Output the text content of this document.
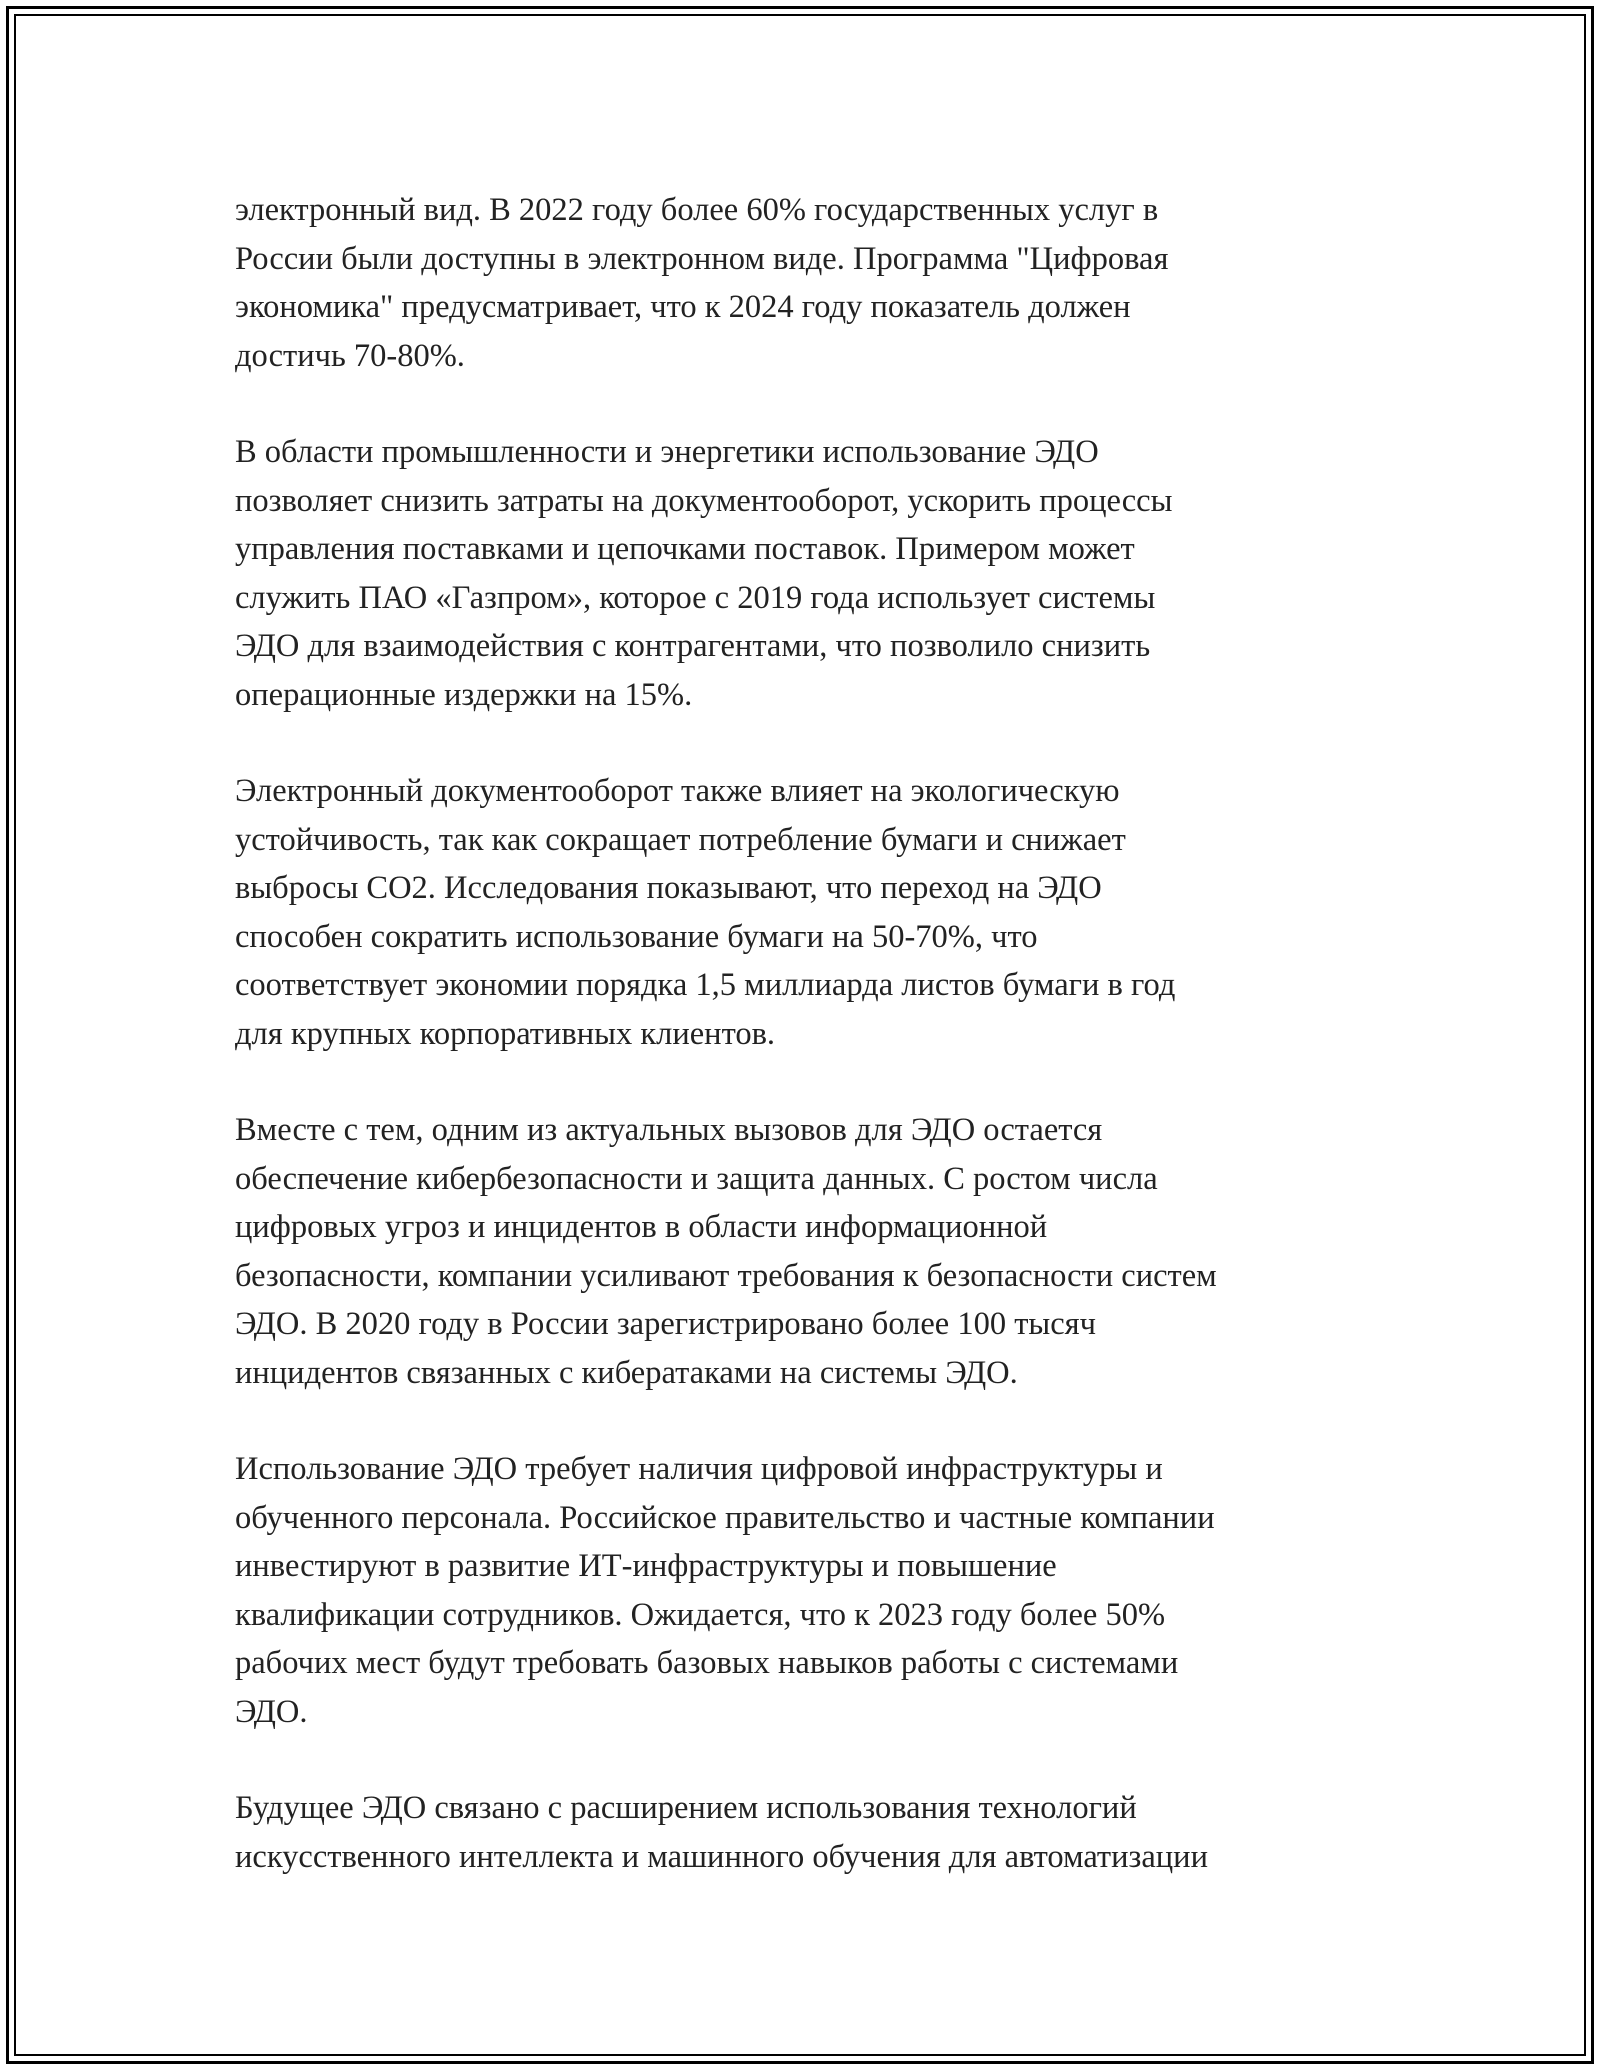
электронный вид. В 2022 году более 60% государственных услуг в
России были доступны в электронном виде. Программа "Цифровая
экономика" предусматривает, что к 2024 году показатель должен
достичь 70-80%.

В области промышленности и энергетики использование ЭДО
позволяет снизить затраты на документооборот, ускорить процессы
управления поставками и цепочками поставок. Примером может
служить ПАО «Газпром», которое с 2019 года использует системы
ЭДО для взаимодействия с контрагентами, что позволило снизить
операционные издержки на 15%.

Электронный документооборот также влияет на экологическую
устойчивость, так как сокращает потребление бумаги и снижает
выбросы CO2. Исследования показывают, что переход на ЭДО
способен сократить использование бумаги на 50-70%, что
соответствует экономии порядка 1,5 миллиарда листов бумаги в год
для крупных корпоративных клиентов.

Вместе с тем, одним из актуальных вызовов для ЭДО остается
обеспечение кибербезопасности и защита данных. С ростом числа
цифровых угроз и инцидентов в области информационной
безопасности, компании усиливают требования к безопасности систем
ЭДО. В 2020 году в России зарегистрировано более 100 тысяч
инцидентов связанных с кибератаками на системы ЭДО.

Использование ЭДО требует наличия цифровой инфраструктуры и
обученного персонала. Российское правительство и частные компании
инвестируют в развитие ИТ-инфраструктуры и повышение
квалификации сотрудников. Ожидается, что к 2023 году более 50%
рабочих мест будут требовать базовых навыков работы с системами
ЭДО.

Будущее ЭДО связано с расширением использования технологий
искусственного интеллекта и машинного обучения для автоматизации
